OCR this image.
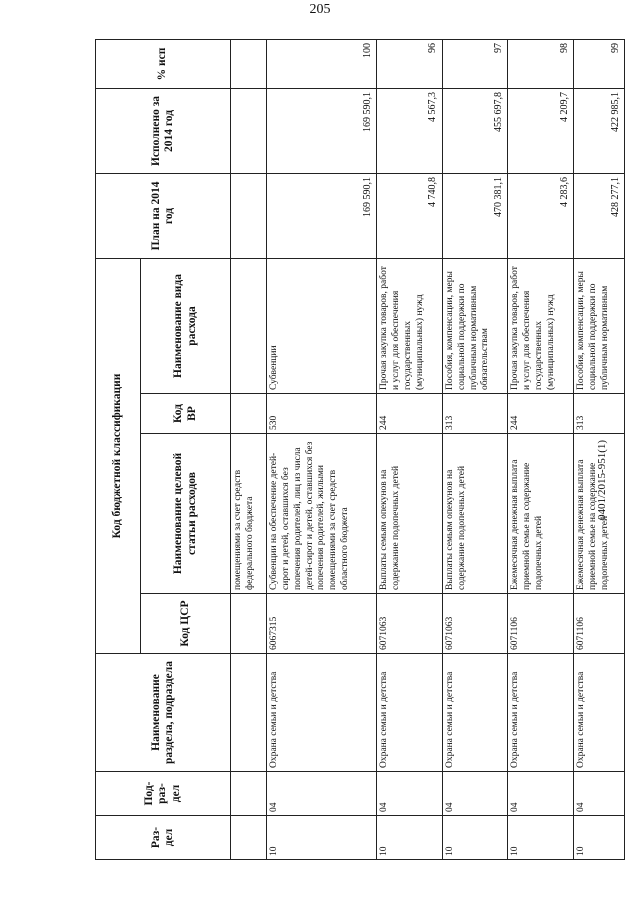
205
0401/2015-951(1)
Раз-дел	Под-раз-дел	Наименование раздела, подраздела	Код бюджетной классификации				План на 2014 год	Исполнено за 2014 год	% исп
			Код ЦСР	Наименование целевой статьи расходов	Код ВР	Наименование вида расхода			
				помещениями за счет средств федерального бюджета					
10	04	Охрана семьи и детства	6067315	Субвенции на обеспечение детей-сирот и детей, оставшихся без попечения родителей, лиц из числа детей-сирот и детей, оставшихся без попечения родителей, жилыми помещениями за счет средств областного бюджета	530	Субвенции	169 590,1	169 590,1	100
10	04	Охрана семьи и детства	6071063	Выплаты семьям опекунов на содержание подопечных детей	244	Прочая закупка товаров, работ и услуг для обеспечения государственных (муниципальных) нужд	4 740,8	4 567,3	96
10	04	Охрана семьи и детства	6071063	Выплаты семьям опекунов на содержание подопечных детей	313	Пособия, компенсации, меры социальной поддержки по публичным нормативным обязательствам	470 381,1	455 697,8	97
10	04	Охрана семьи и детства	6071106	Ежемесячная денежная выплата приемной семье на содержание подопечных детей	244	Прочая закупка товаров, работ и услуг для обеспечения государственных (муниципальных) нужд	4 283,6	4 209,7	98
10	04	Охрана семьи и детства	6071106	Ежемесячная денежная выплата приемной семье на содержание подопечных детей	313	Пособия, компенсации, меры социальной поддержки по публичным нормативным	428 277,1	422 985,1	99
